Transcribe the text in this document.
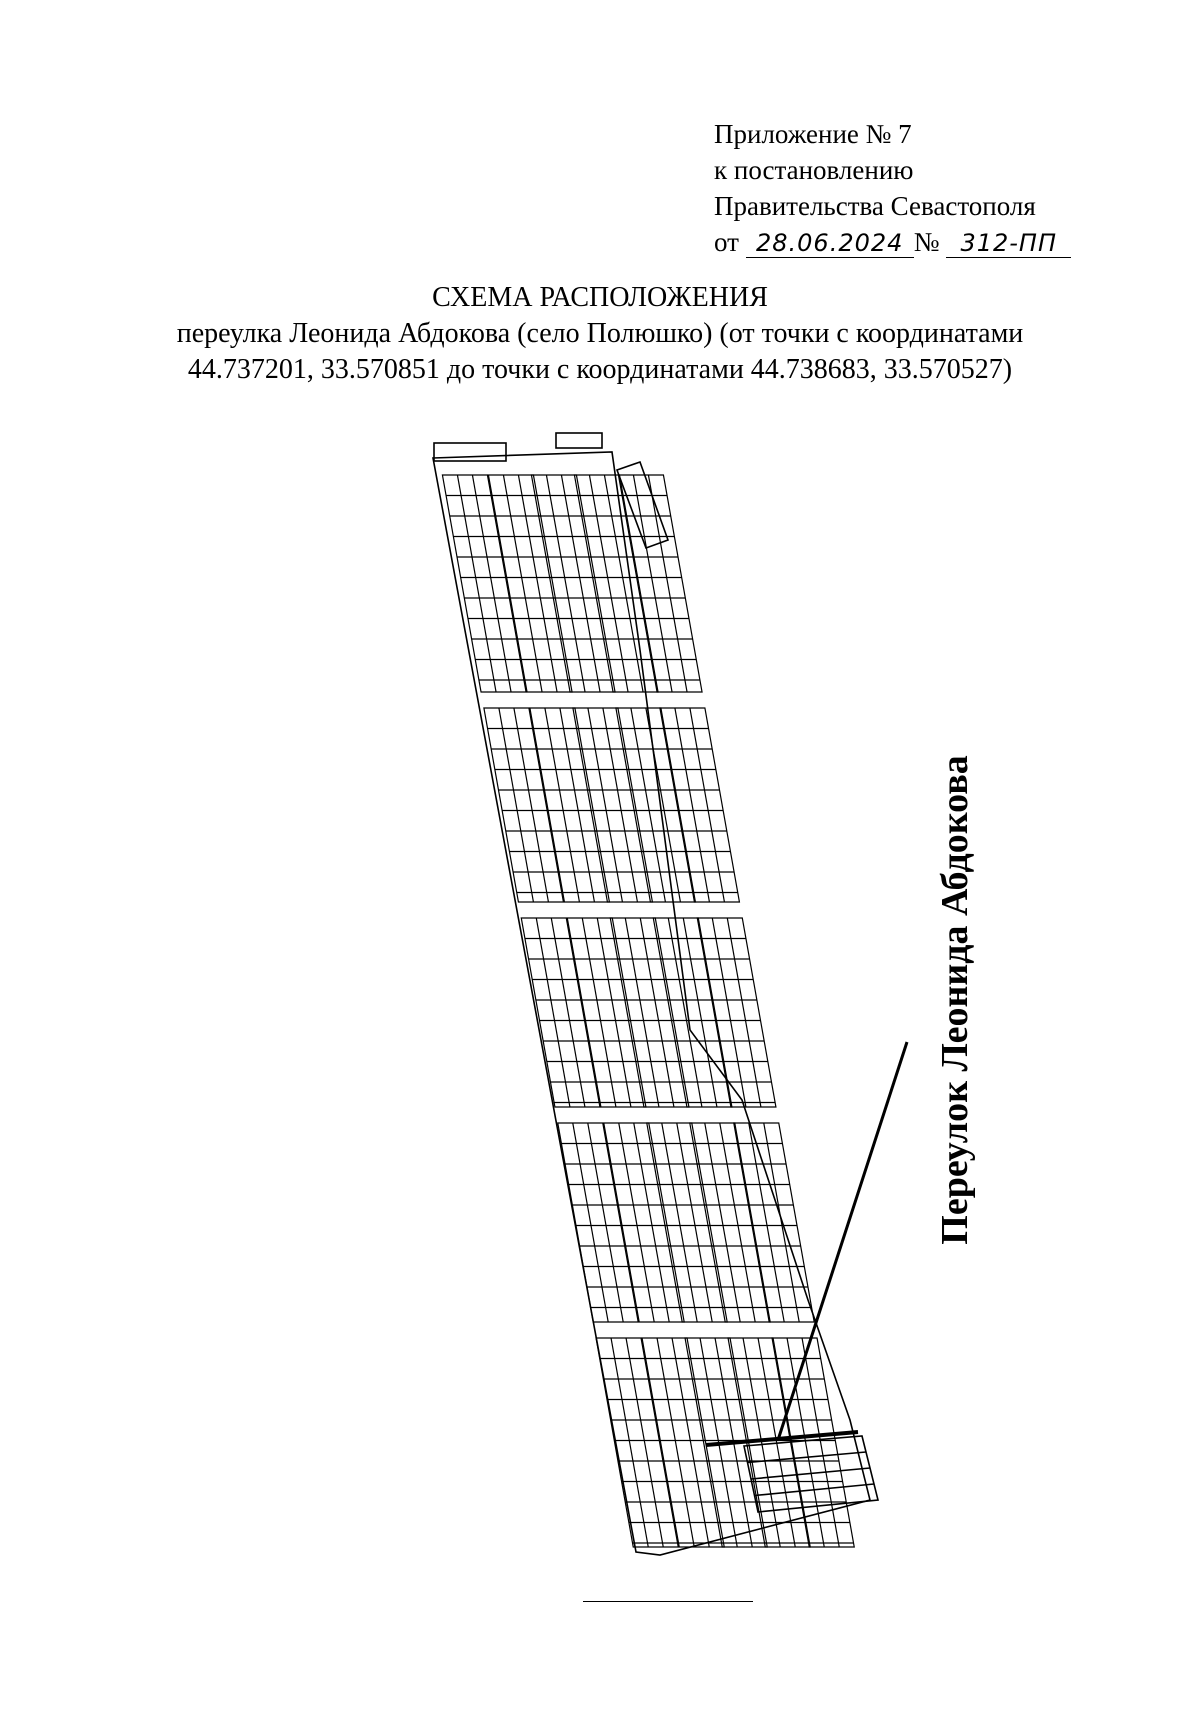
Приложение № 7
к постановлению
Правительства Севастополя
от 28.06.2024 № 312-ПП
СХЕМА РАСПОЛОЖЕНИЯ
переулка Леонида Абдокова (село Полюшко) (от точки с координатами
44.737201, 33.570851 до точки с координатами 44.738683, 33.570527)
Переулок Леонида Абдокова
